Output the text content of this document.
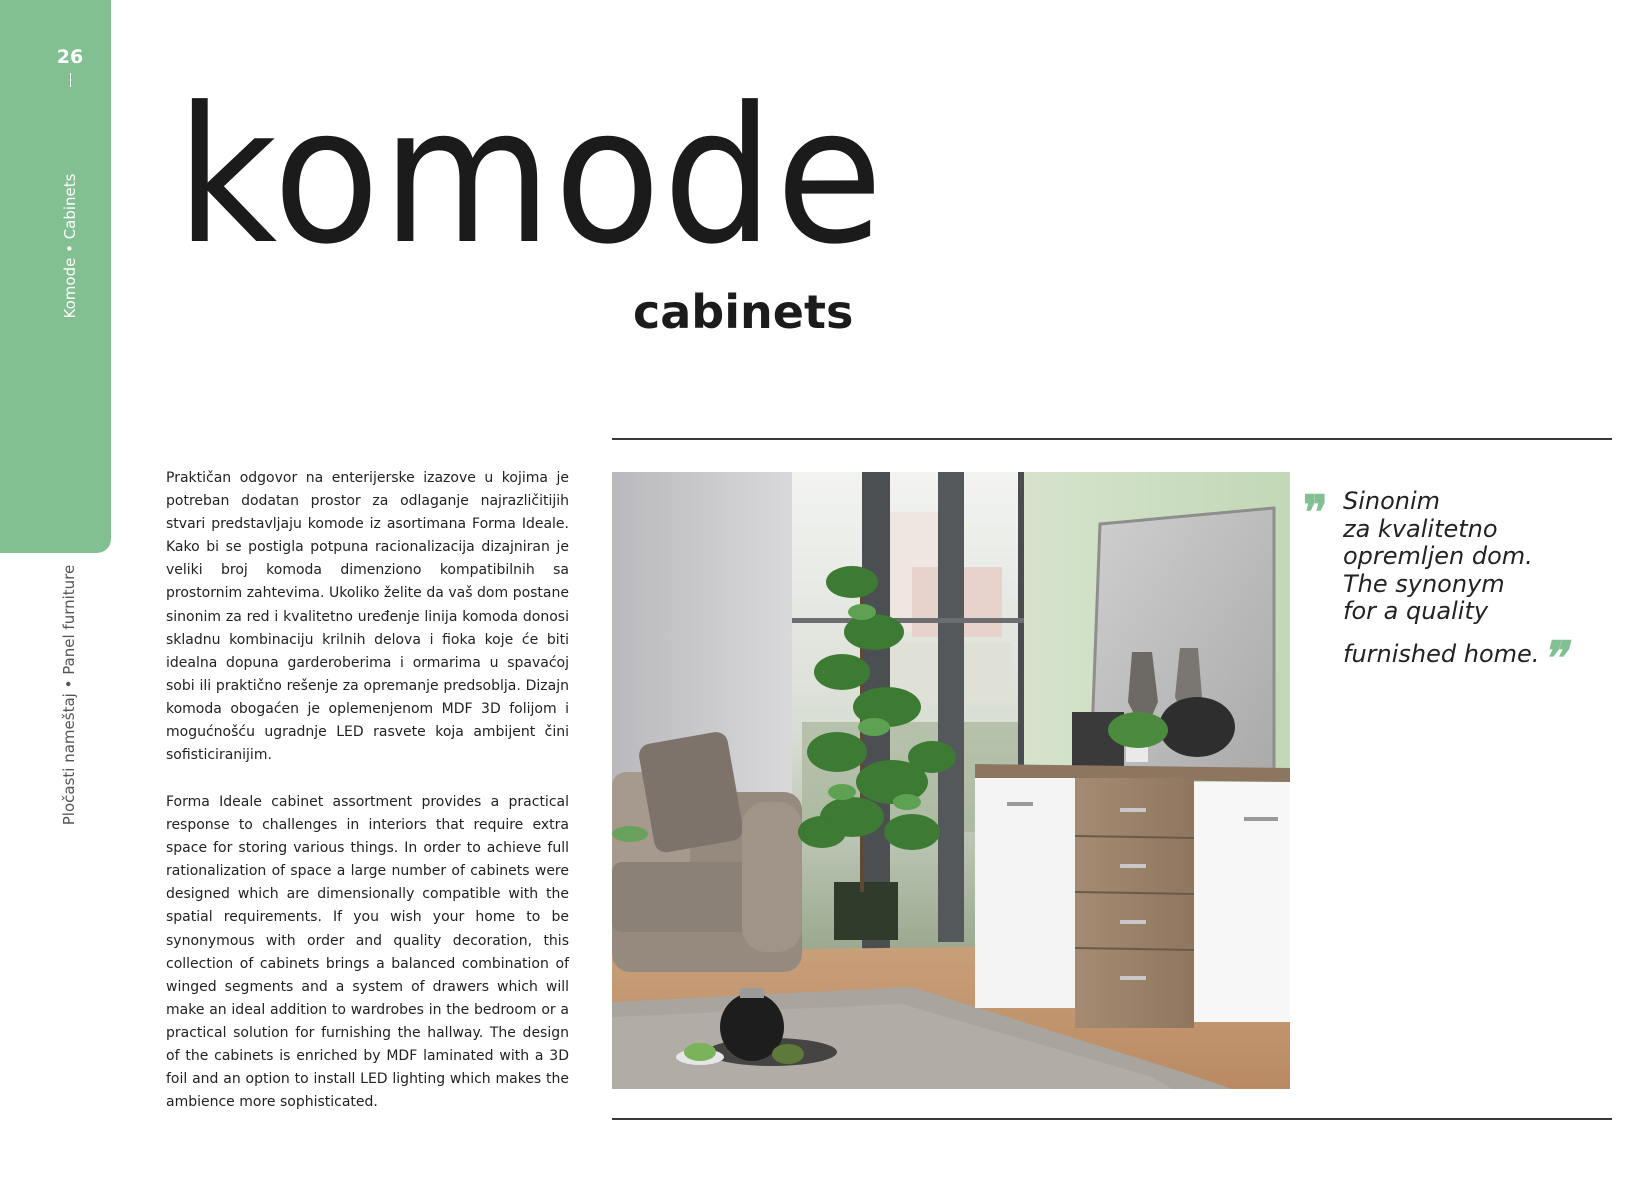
26
Komode • Cabinets
Pločasti nameštaj • Panel furniture
komode
cabinets

Praktičan odgovor na enterijerske izazove u kojima je potreban dodatan prostor za odlaganje najrazličitijih stvari predstavljaju komode iz asortimana Forma Ideale. Kako bi se postigla potpuna racionalizacija dizajniran je veliki broj komoda dimenziono kompatibilnih sa prostornim zahtevima. Ukoliko želite da vaš dom postane sinonim za red i kvalitetno uređenje linija komoda donosi skladnu kombinaciju krilnih delova i fioka koje će biti idealna dopuna garderoberima i ormarima u spavaćoj sobi ili praktično rešenje za opremanje predsoblja. Dizajn komoda obogaćen je oplemenjenom MDF 3D folijom i mogućnošću ugradnje LED rasvete koja ambijent čini sofisticiranijim.

Forma Ideale cabinet assortment provides a practical response to challenges in interiors that require extra space for storing various things. In order to achieve full rationalization of space a large number of cabinets were designed which are dimensionally compatible with the spatial requirements. If you wish your home to be synonymous with order and quality decoration, this collection of cabinets brings a balanced combination of winged segments and a system of drawers which will make an ideal addition to wardrobes in the bedroom or a practical solution for furnishing the hallway. The design of the cabinets is enriched by MDF laminated with a 3D foil and an option to install LED lighting which makes the ambience more sophisticated.

❞ Sinonim
za kvalitetno
opremljen dom.
The synonym
for a quality
furnished home.❞
